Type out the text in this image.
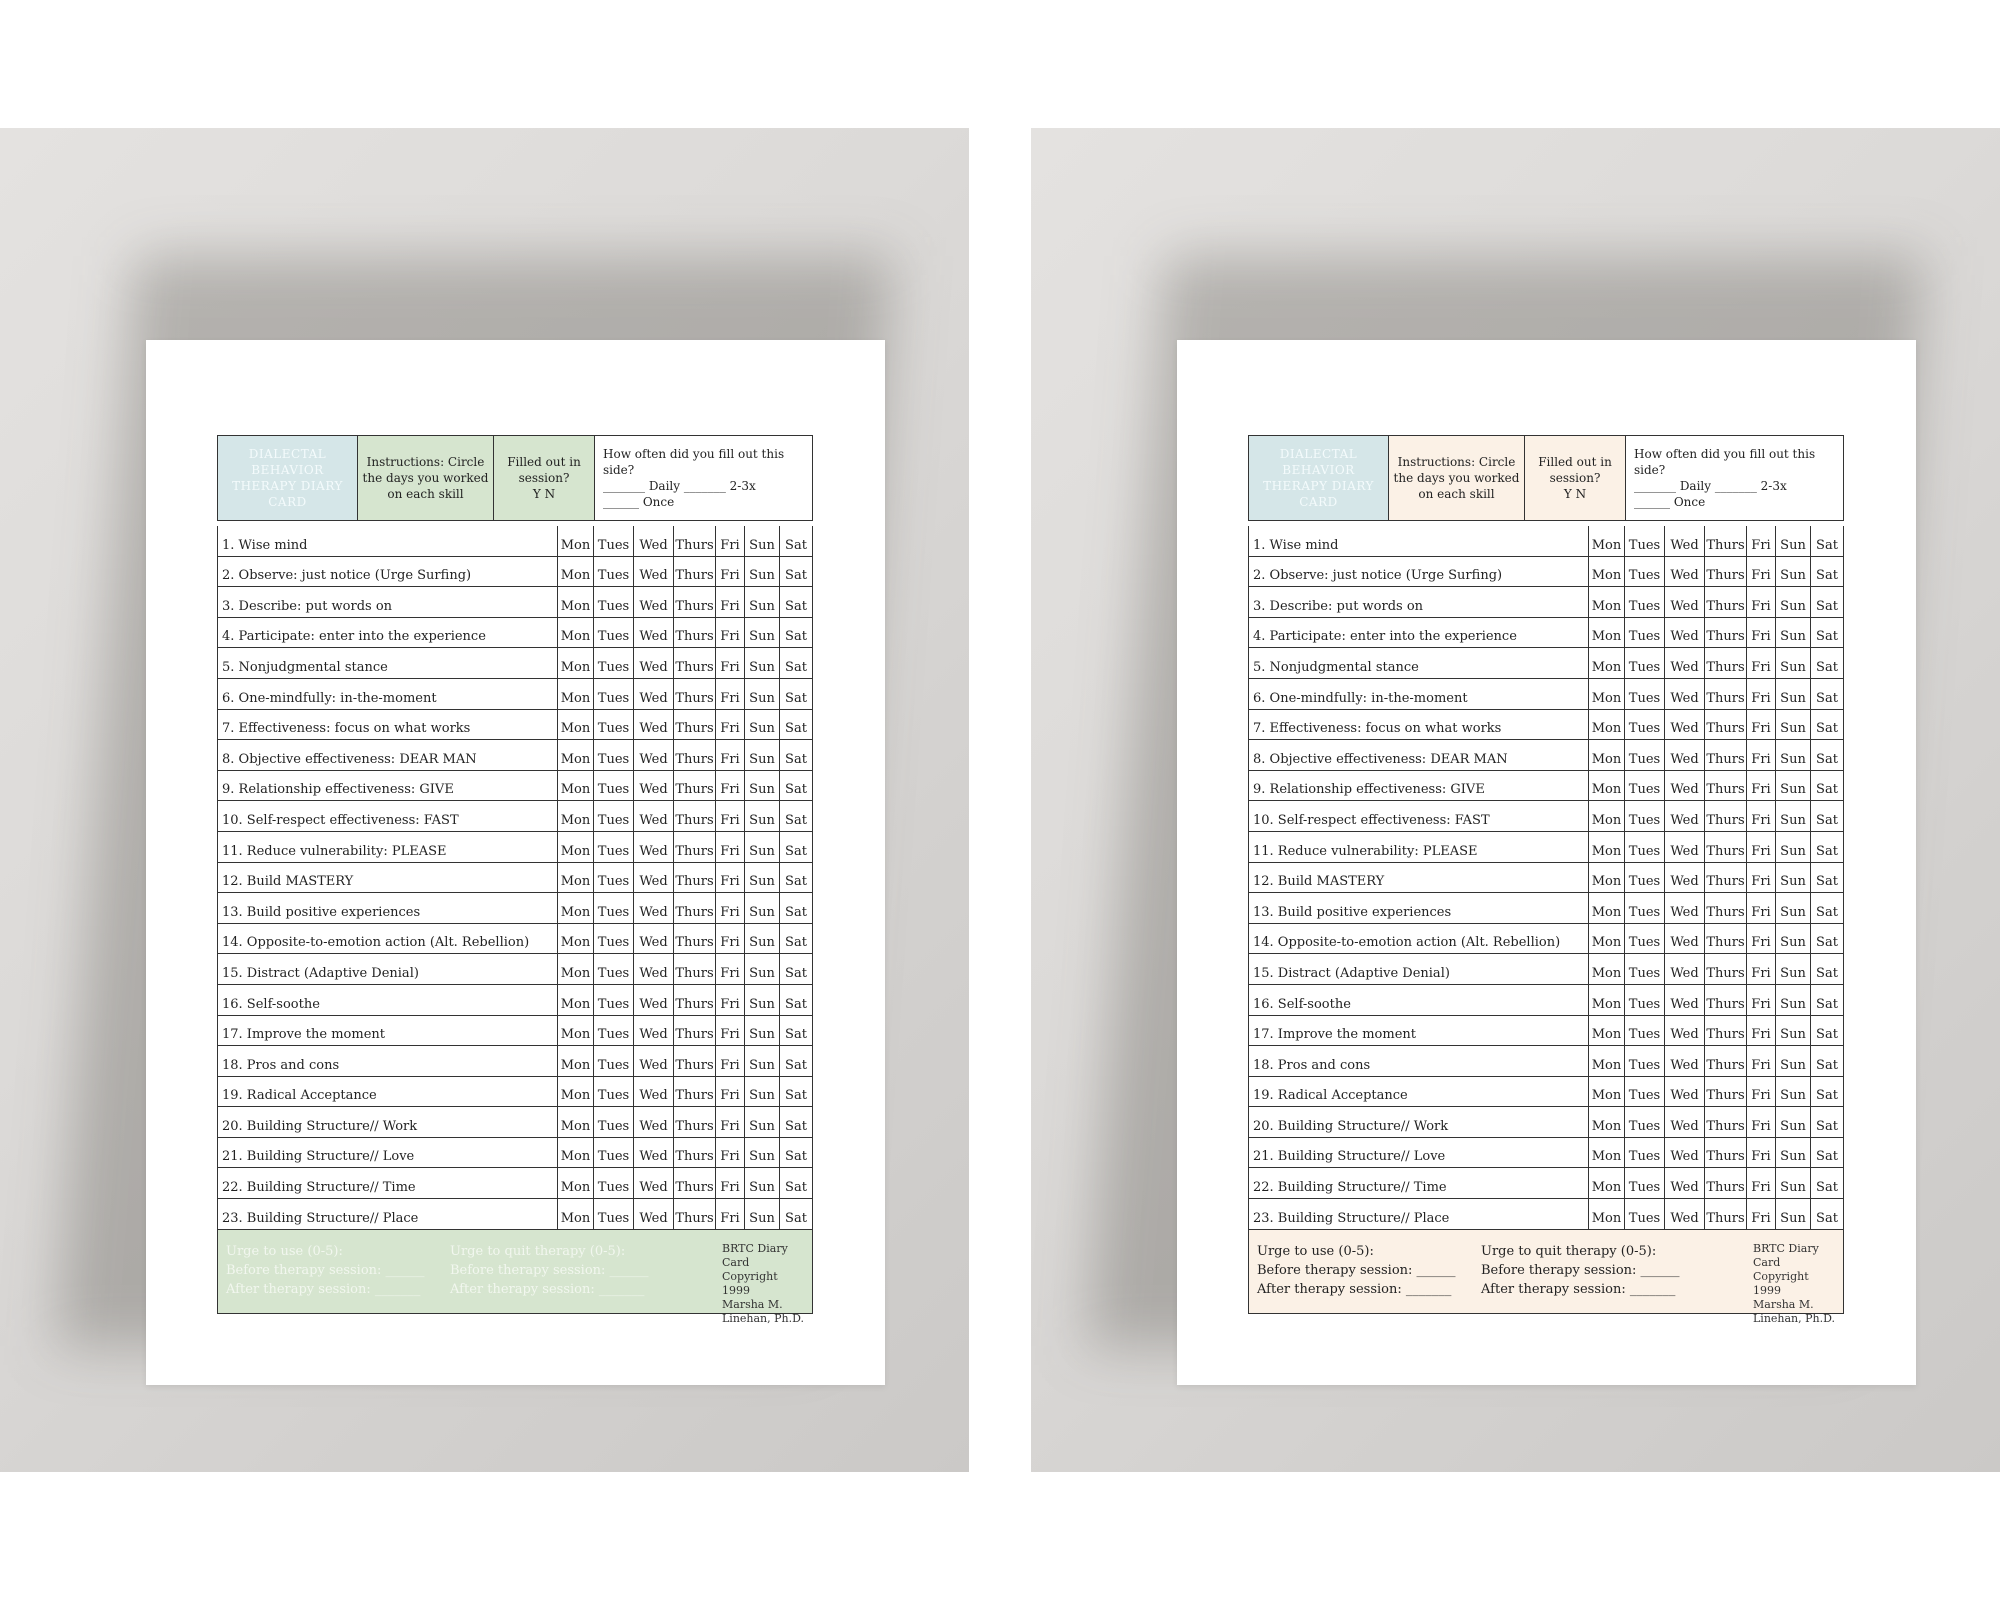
DIALECTAL BEHAVIOR THERAPY DIARY CARD
Instructions: Circle the days you worked on each skill
Filled out in session?
Y N
How often did you fill out this side?
_______ Daily _______ 2-3x
______ Once
1. Wise mind	Mon Tues Wed Thurs Fri Sun Sat
2. Observe: just notice (Urge Surfing)	Mon Tues Wed Thurs Fri Sun Sat
3. Describe: put words on	Mon Tues Wed Thurs Fri Sun Sat
4. Participate: enter into the experience	Mon Tues Wed Thurs Fri Sun Sat
5. Nonjudgmental stance	Mon Tues Wed Thurs Fri Sun Sat
6. One-mindfully: in-the-moment	Mon Tues Wed Thurs Fri Sun Sat
7. Effectiveness: focus on what works	Mon Tues Wed Thurs Fri Sun Sat
8. Objective effectiveness: DEAR MAN	Mon Tues Wed Thurs Fri Sun Sat
9. Relationship effectiveness: GIVE	Mon Tues Wed Thurs Fri Sun Sat
10. Self-respect effectiveness: FAST	Mon Tues Wed Thurs Fri Sun Sat
11. Reduce vulnerability: PLEASE	Mon Tues Wed Thurs Fri Sun Sat
12. Build MASTERY	Mon Tues Wed Thurs Fri Sun Sat
13. Build positive experiences	Mon Tues Wed Thurs Fri Sun Sat
14. Opposite-to-emotion action (Alt. Rebellion)	Mon Tues Wed Thurs Fri Sun Sat
15. Distract (Adaptive Denial)	Mon Tues Wed Thurs Fri Sun Sat
16. Self-soothe	Mon Tues Wed Thurs Fri Sun Sat
17. Improve the moment	Mon Tues Wed Thurs Fri Sun Sat
18. Pros and cons	Mon Tues Wed Thurs Fri Sun Sat
19. Radical Acceptance	Mon Tues Wed Thurs Fri Sun Sat
20. Building Structure// Work	Mon Tues Wed Thurs Fri Sun Sat
21. Building Structure// Love	Mon Tues Wed Thurs Fri Sun Sat
22. Building Structure// Time	Mon Tues Wed Thurs Fri Sun Sat
23. Building Structure// Place	Mon Tues Wed Thurs Fri Sun Sat
Urge to use (0-5):
Before therapy session: ______
After therapy session: _______
Urge to quit therapy (0-5):
Before therapy session: ______
After therapy session: _______
BRTC Diary Card
Copyright 1999
Marsha M.
Linehan, Ph.D.
DIALECTAL BEHAVIOR THERAPY DIARY CARD
Instructions: Circle the days you worked on each skill
Filled out in session?
Y N
How often did you fill out this side?
_______ Daily _______ 2-3x
______ Once
1. Wise mind	Mon Tues Wed Thurs Fri Sun Sat
2. Observe: just notice (Urge Surfing)	Mon Tues Wed Thurs Fri Sun Sat
3. Describe: put words on	Mon Tues Wed Thurs Fri Sun Sat
4. Participate: enter into the experience	Mon Tues Wed Thurs Fri Sun Sat
5. Nonjudgmental stance	Mon Tues Wed Thurs Fri Sun Sat
6. One-mindfully: in-the-moment	Mon Tues Wed Thurs Fri Sun Sat
7. Effectiveness: focus on what works	Mon Tues Wed Thurs Fri Sun Sat
8. Objective effectiveness: DEAR MAN	Mon Tues Wed Thurs Fri Sun Sat
9. Relationship effectiveness: GIVE	Mon Tues Wed Thurs Fri Sun Sat
10. Self-respect effectiveness: FAST	Mon Tues Wed Thurs Fri Sun Sat
11. Reduce vulnerability: PLEASE	Mon Tues Wed Thurs Fri Sun Sat
12. Build MASTERY	Mon Tues Wed Thurs Fri Sun Sat
13. Build positive experiences	Mon Tues Wed Thurs Fri Sun Sat
14. Opposite-to-emotion action (Alt. Rebellion)	Mon Tues Wed Thurs Fri Sun Sat
15. Distract (Adaptive Denial)	Mon Tues Wed Thurs Fri Sun Sat
16. Self-soothe	Mon Tues Wed Thurs Fri Sun Sat
17. Improve the moment	Mon Tues Wed Thurs Fri Sun Sat
18. Pros and cons	Mon Tues Wed Thurs Fri Sun Sat
19. Radical Acceptance	Mon Tues Wed Thurs Fri Sun Sat
20. Building Structure// Work	Mon Tues Wed Thurs Fri Sun Sat
21. Building Structure// Love	Mon Tues Wed Thurs Fri Sun Sat
22. Building Structure// Time	Mon Tues Wed Thurs Fri Sun Sat
23. Building Structure// Place	Mon Tues Wed Thurs Fri Sun Sat
Urge to use (0-5):
Before therapy session: ______
After therapy session: _______
Urge to quit therapy (0-5):
Before therapy session: ______
After therapy session: _______
BRTC Diary Card
Copyright 1999
Marsha M.
Linehan, Ph.D.
